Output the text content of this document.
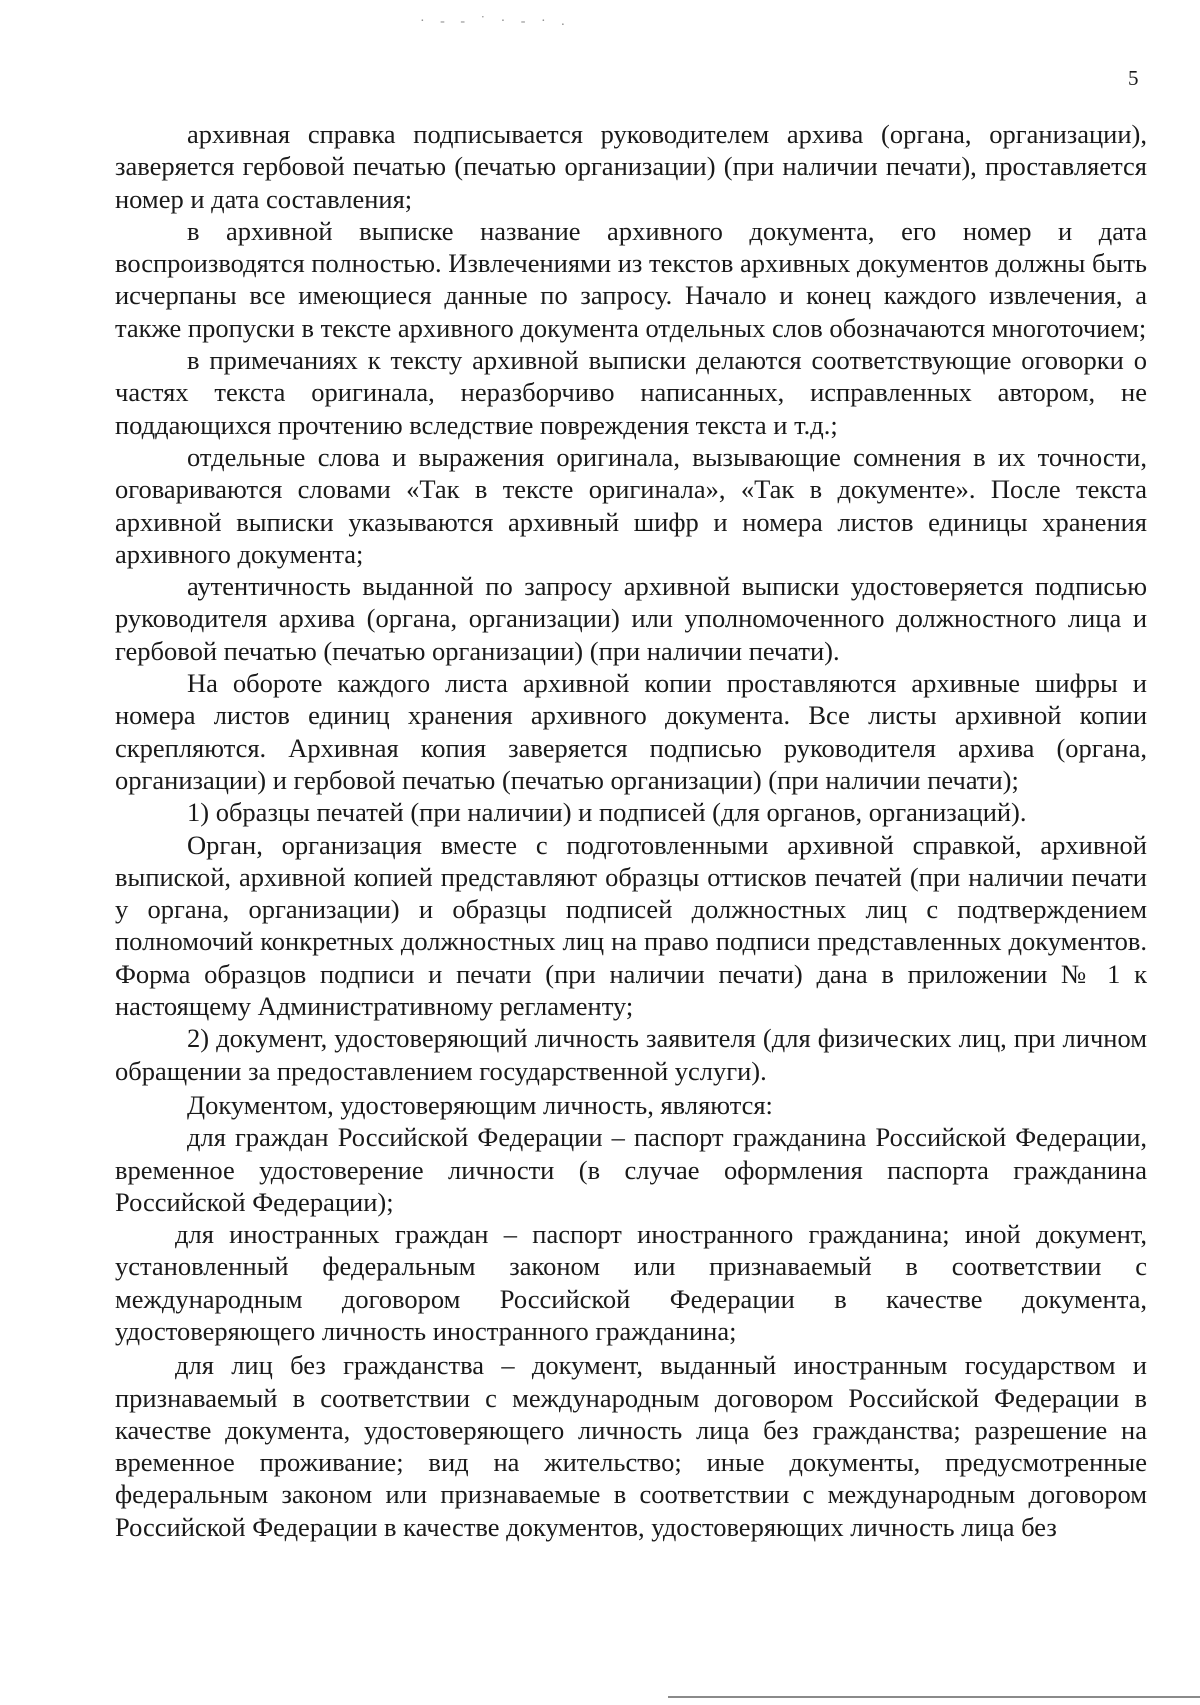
· ‐ ‐ ˙ · ‐ · .
5

архивная справка подписывается руководителем архива (органа, организации), заверяется гербовой печатью (печатью организации) (при наличии печати), проставляется номер и дата составления;

в архивной выписке название архивного документа, его номер и дата воспроизводятся полностью. Извлечениями из текстов архивных документов должны быть исчерпаны все имеющиеся данные по запросу. Начало и конец каждого извлечения, а также пропуски в тексте архивного документа отдельных слов обозначаются многоточием;

в примечаниях к тексту архивной выписки делаются соответствующие оговорки о частях текста оригинала, неразборчиво написанных, исправленных автором, не поддающихся прочтению вследствие повреждения текста и т.д.;

отдельные слова и выражения оригинала, вызывающие сомнения в их точности, оговариваются словами «Так в тексте оригинала», «Так в документе». После текста архивной выписки указываются архивный шифр и номера листов единицы хранения архивного документа;

аутентичность выданной по запросу архивной выписки удостоверяется подписью руководителя архива (органа, организации) или уполномоченного должностного лица и гербовой печатью (печатью организации) (при наличии печати).

На обороте каждого листа архивной копии проставляются архивные шифры и номера листов единиц хранения архивного документа. Все листы архивной копии скрепляются. Архивная копия заверяется подписью руководителя архива (органа, организации) и гербовой печатью (печатью организации) (при наличии печати);

1) образцы печатей (при наличии) и подписей (для органов, организаций).

Орган, организация вместе с подготовленными архивной справкой, архивной выпиской, архивной копией представляют образцы оттисков печатей (при наличии печати у органа, организации) и образцы подписей должностных лиц с подтверждением полномочий конкретных должностных лиц на право подписи представленных документов. Форма образцов подписи и печати (при наличии печати) дана в приложении № 1 к настоящему Административному регламенту;

2) документ, удостоверяющий личность заявителя (для физических лиц, при личном обращении за предоставлением государственной услуги).

Документом, удостоверяющим личность, являются:

для граждан Российской Федерации – паспорт гражданина Российской Федерации, временное удостоверение личности (в случае оформления паспорта гражданина Российской Федерации);

для иностранных граждан – паспорт иностранного гражданина; иной документ, установленный федеральным законом или признаваемый в соответствии с международным договором Российской Федерации в качестве документа, удостоверяющего личность иностранного гражданина;

для лиц без гражданства – документ, выданный иностранным государством и признаваемый в соответствии с международным договором Российской Федерации в качестве документа, удостоверяющего личность лица без гражданства; разрешение на временное проживание; вид на жительство; иные документы, предусмотренные федеральным законом или признаваемые в соответствии с международным договором Российской Федерации в качестве документов, удостоверяющих личность лица без
